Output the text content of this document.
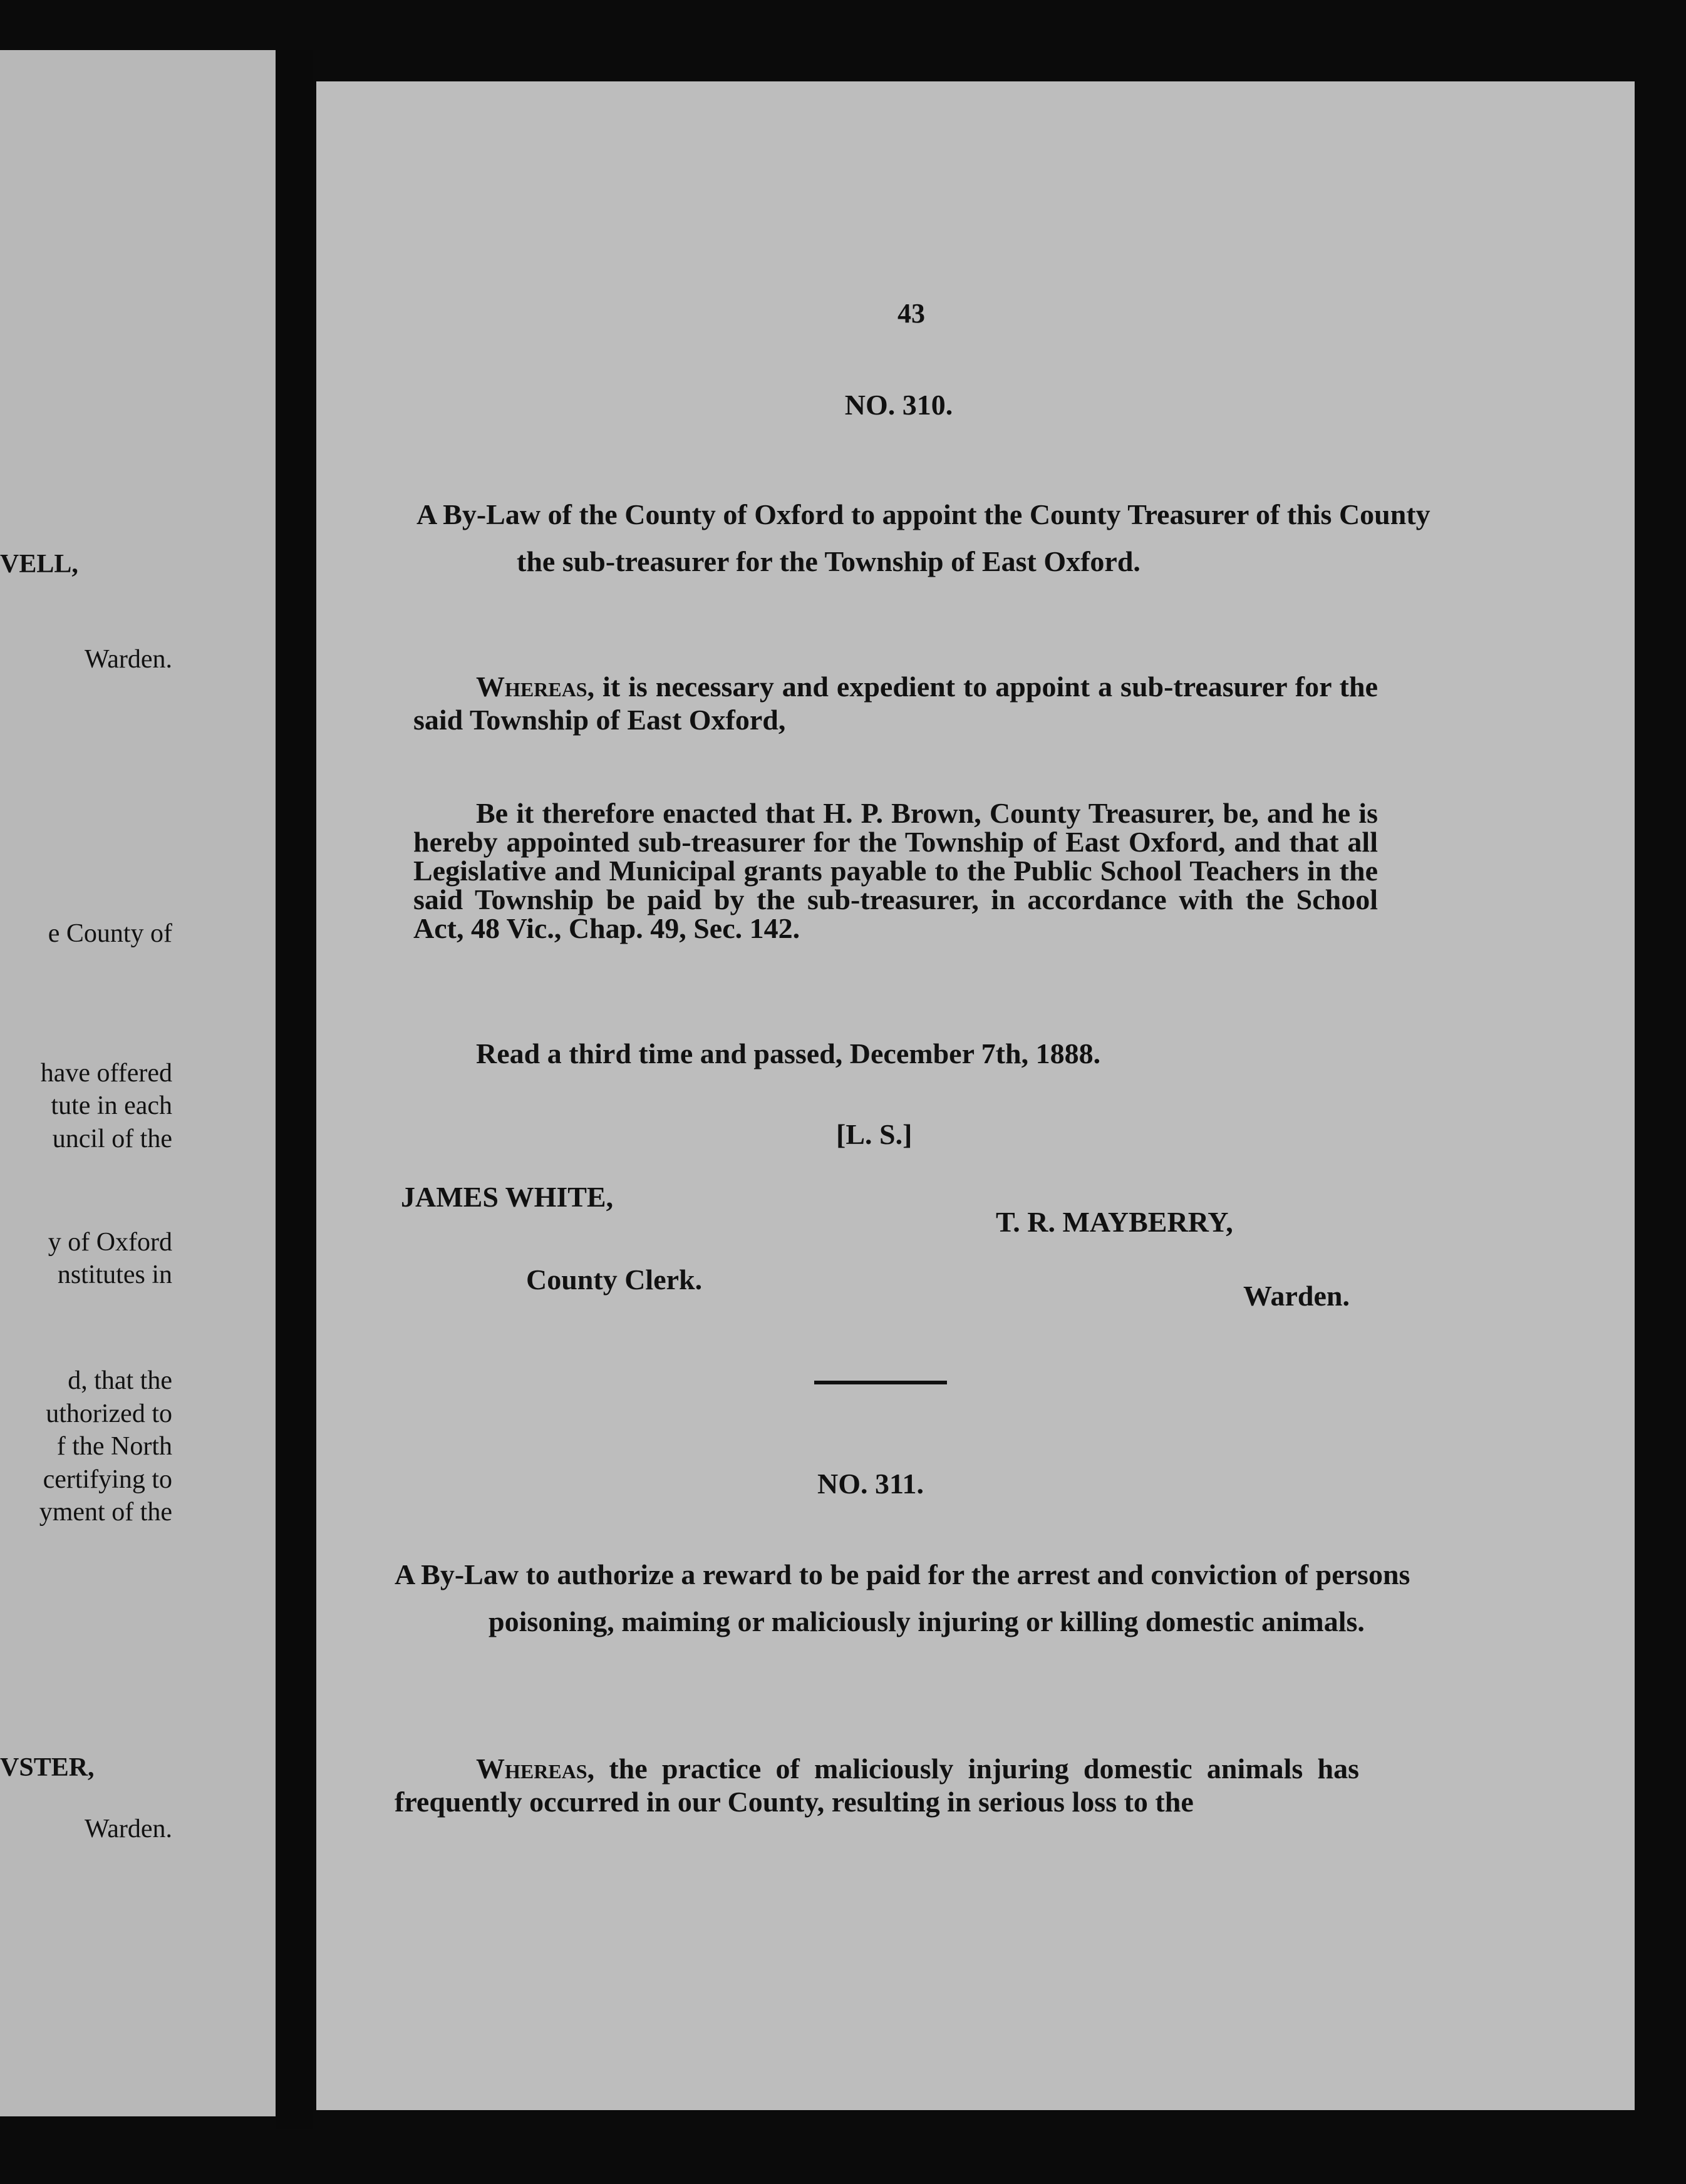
VELL,
Warden.
e County of
have offered
tute in each
uncil of the
y of Oxford
nstitutes in
d, that the
uthorized to
f the North
certifying to
yment of the
VSTER,
Warden.
43
NO. 310.
A By-Law of the County of Oxford to appoint the County Treasurer of this County the sub-treasurer for the Township of East Oxford.
Whereas, it is necessary and expedient to appoint a sub-treasurer for the said Township of East Oxford,
Be it therefore enacted that H. P. Brown, County Treasurer, be, and he is hereby appointed sub-treasurer for the Township of East Oxford, and that all Legislative and Municipal grants payable to the Public School Teachers in the said Township be paid by the sub-treasurer, in accordance with the School Act, 48 Vic., Chap. 49, Sec. 142.
Read a third time and passed, December 7th, 1888.
[L. S.]
JAMES WHITE,
County Clerk.
T. R. MAYBERRY,
Warden.
NO. 311.
A By-Law to authorize a reward to be paid for the arrest and conviction of persons poisoning, maiming or maliciously injuring or killing domestic animals.
Whereas, the practice of maliciously injuring domestic animals has frequently occurred in our County, resulting in serious loss to the
